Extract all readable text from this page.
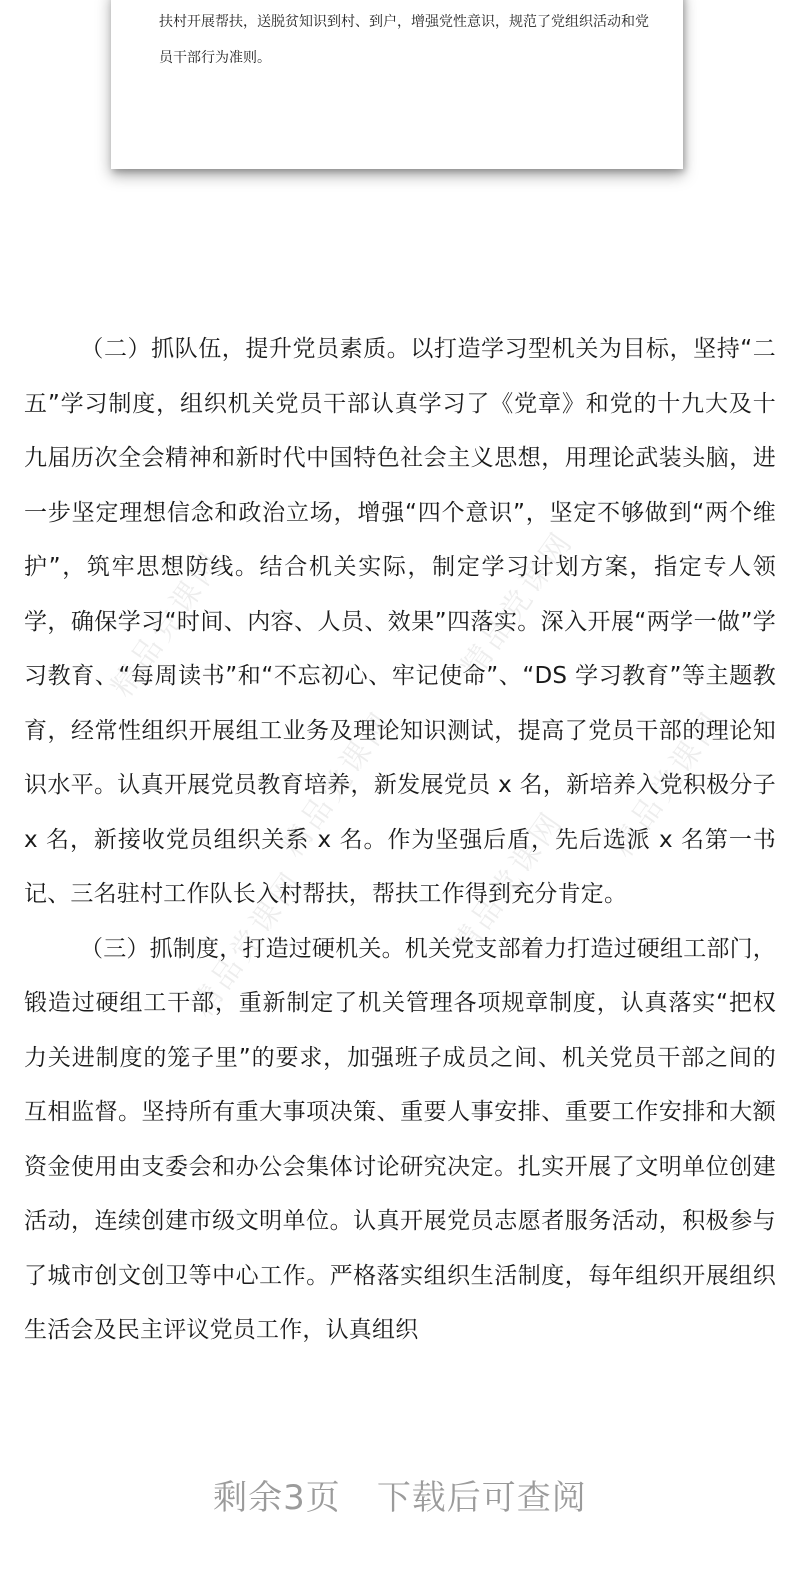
扶村开展帮扶，送脱贫知识到村、到户，增强党性意识，规范了党组织活动和党员干部行为准则。

精品党课网	精品党课网
精品党课网	精品党课网
精品党课网	精品党课网

（二）抓队伍，提升党员素质。以打造学习型机关为目标，坚持“二五”学习制度，组织机关党员干部认真学习了《党章》和党的十九大及十九届历次全会精神和新时代中国特色社会主义思想，用理论武装头脑，进一步坚定理想信念和政治立场，增强“四个意识”，坚定不够做到“两个维护”，筑牢思想防线。结合机关实际，制定学习计划方案，指定专人领学，确保学习“时间、内容、人员、效果”四落实。深入开展“两学一做”学习教育、“每周读书”和“不忘初心、牢记使命”、“DS 学习教育”等主题教育，经常性组织开展组工业务及理论知识测试，提高了党员干部的理论知识水平。认真开展党员教育培养，新发展党员 x 名，新培养入党积极分子 x 名，新接收党员组织关系 x 名。作为坚强后盾，先后选派 x 名第一书记、三名驻村工作队长入村帮扶，帮扶工作得到充分肯定。

（三）抓制度，打造过硬机关。机关党支部着力打造过硬组工部门，锻造过硬组工干部，重新制定了机关管理各项规章制度，认真落实“把权力关进制度的笼子里”的要求，加强班子成员之间、机关党员干部之间的互相监督。坚持所有重大事项决策、重要人事安排、重要工作安排和大额资金使用由支委会和办公会集体讨论研究决定。扎实开展了文明单位创建活动，连续创建市级文明单位。认真开展党员志愿者服务活动，积极参与了城市创文创卫等中心工作。严格落实组织生活制度，每年组织开展组织生活会及民主评议党员工作，认真组织

剩余3页 下载后可查阅
